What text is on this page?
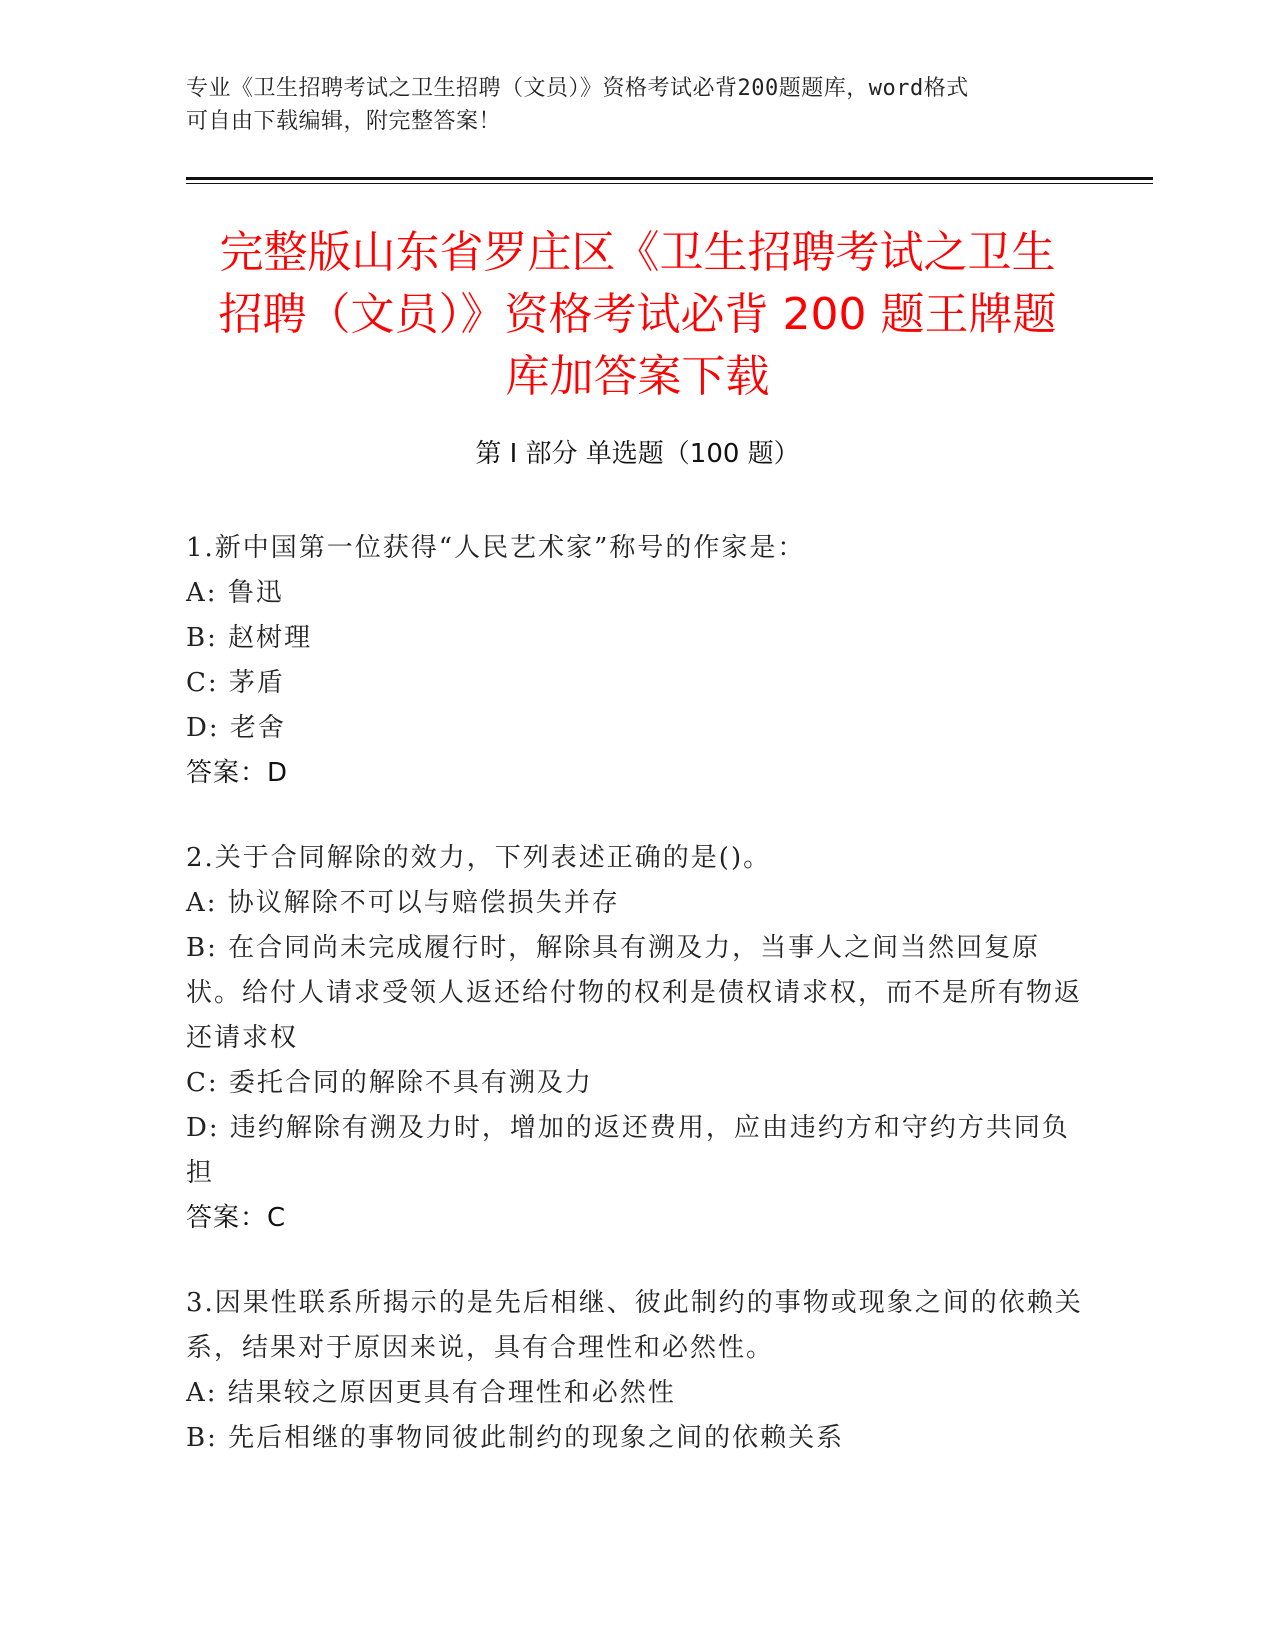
专业《卫生招聘考试之卫生招聘（文员）》资格考试必背200题题库，word格式
可自由下载编辑，附完整答案！
完整版山东省罗庄区《卫生招聘考试之卫生
招聘（文员）》资格考试必背 200 题王牌题
库加答案下载
第 I 部分 单选题（100 题）

1.新中国第一位获得“人民艺术家”称号的作家是：

A: 鲁迅

B: 赵树理

C: 茅盾

D: 老舍

答案：D

2.关于合同解除的效力，下列表述正确的是()。

A: 协议解除不可以与赔偿损失并存

B: 在合同尚未完成履行时，解除具有溯及力，当事人之间当然回复原状。给付人请求受领人返还给付物的权利是债权请求权，而不是所有物返还请求权

C: 委托合同的解除不具有溯及力

D: 违约解除有溯及力时，增加的返还费用，应由违约方和守约方共同负担

答案：C

3.因果性联系所揭示的是先后相继、彼此制约的事物或现象之间的依赖关系，结果对于原因来说，具有合理性和必然性。

A: 结果较之原因更具有合理性和必然性

B: 先后相继的事物同彼此制约的现象之间的依赖关系
